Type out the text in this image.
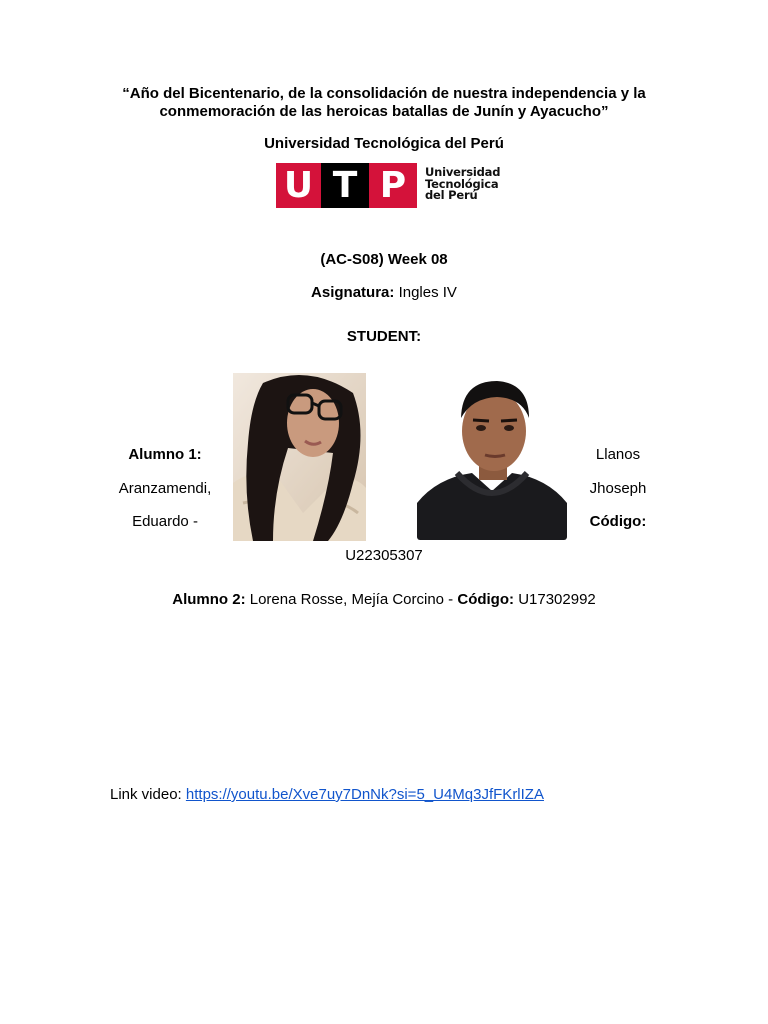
“Año del Bicentenario, de la consolidación de nuestra independencia y la conmemoración de las heroicas batallas de Junín y Ayacucho”
Universidad Tecnológica del Perú
U T P	Universidad
Tecnológica
del Perú
(AC-S08) Week 08
Asignatura: Ingles IV
STUDENT:
Alumno 1:
Aranzamendi,
Eduardo -
Llanos
Jhoseph
Código:
U22305307
Alumno 2: Lorena Rosse, Mejía Corcino - Código: U17302992
Link video: https://youtu.be/Xve7uy7DnNk?si=5_U4Mq3JfFKrlIZA
